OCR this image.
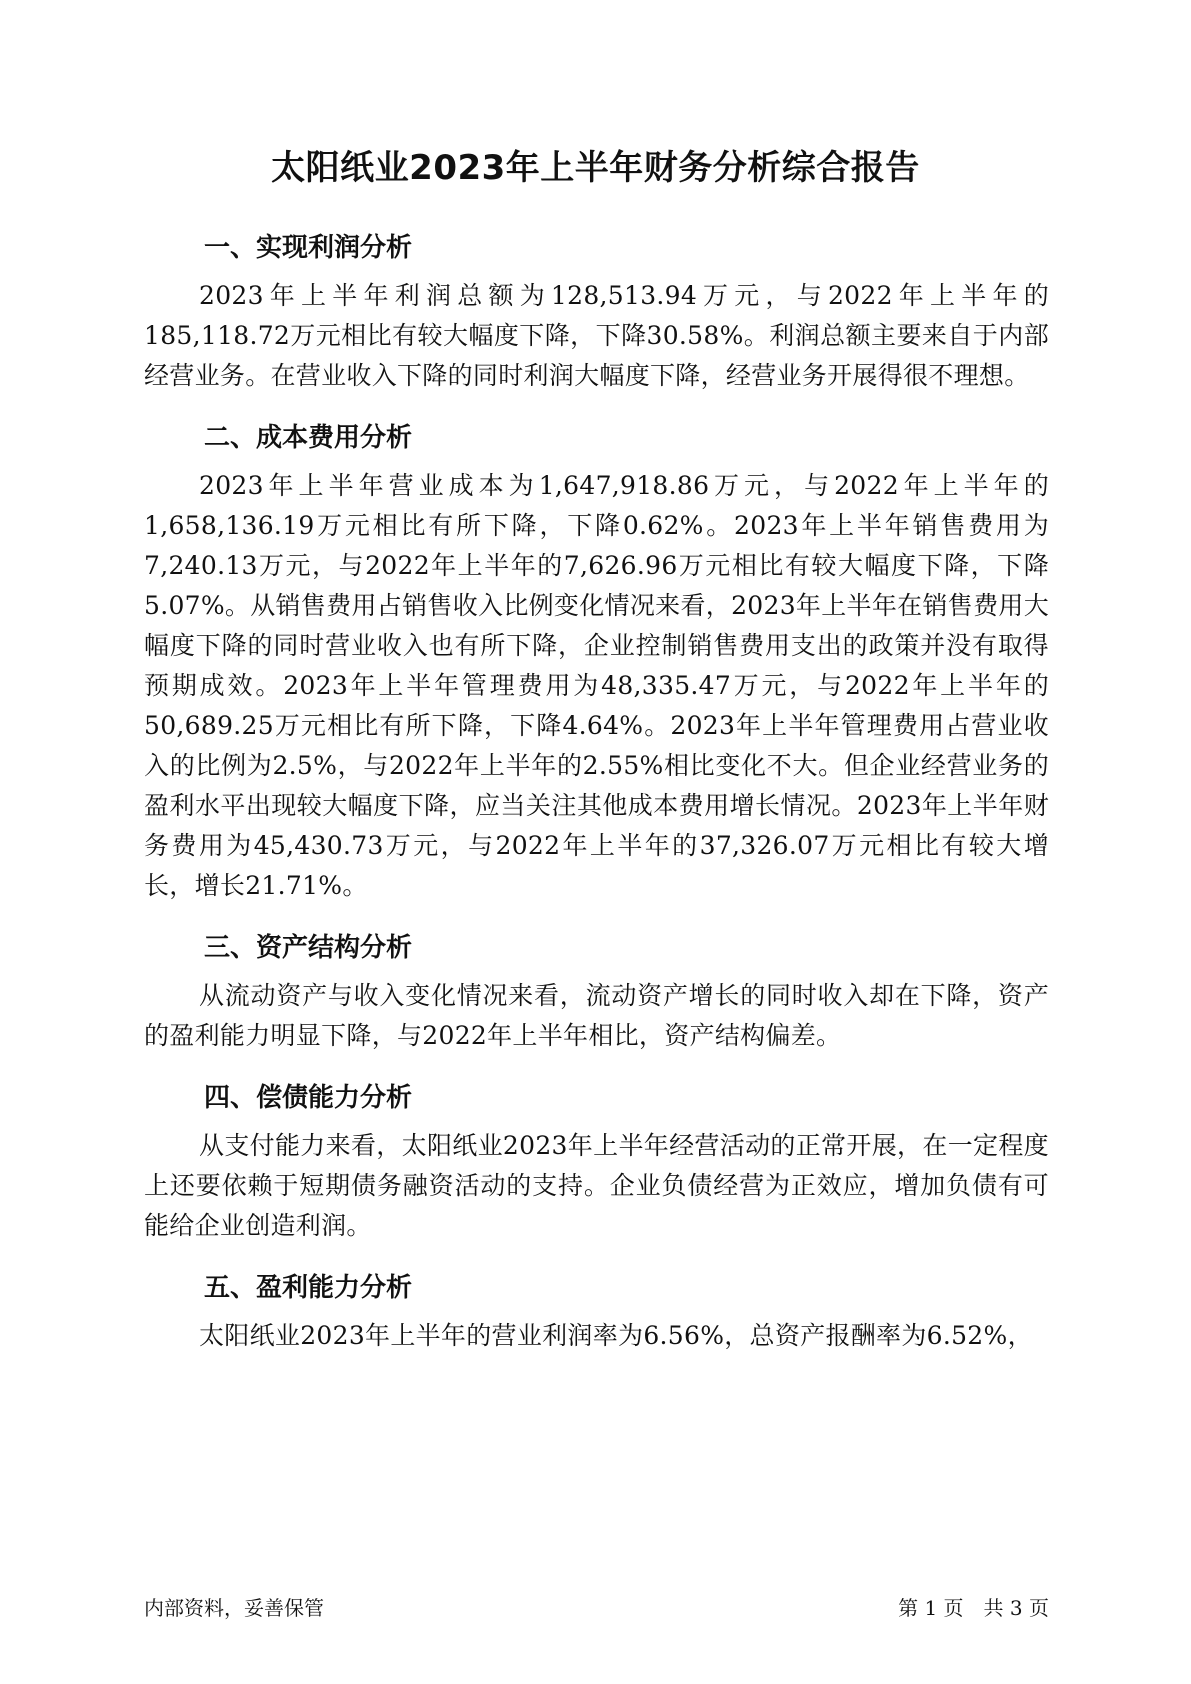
太阳纸业2023年上半年财务分析综合报告
一、实现利润分析

2023年上半年利润总额为128,513.94万元，与2022年上半年的185,118.72万元相比有较大幅度下降，下降30.58%。利润总额主要来自于内部经营业务。在营业收入下降的同时利润大幅度下降，经营业务开展得很不理想。

二、成本费用分析

2023年上半年营业成本为1,647,918.86万元，与2022年上半年的1,658,136.19万元相比有所下降，下降0.62%。2023年上半年销售费用为7,240.13万元，与2022年上半年的7,626.96万元相比有较大幅度下降，下降5.07%。从销售费用占销售收入比例变化情况来看，2023年上半年在销售费用大幅度下降的同时营业收入也有所下降，企业控制销售费用支出的政策并没有取得预期成效。2023年上半年管理费用为48,335.47万元，与2022年上半年的50,689.25万元相比有所下降，下降4.64%。2023年上半年管理费用占营业收入的比例为2.5%，与2022年上半年的2.55%相比变化不大。但企业经营业务的盈利水平出现较大幅度下降，应当关注其他成本费用增长情况。2023年上半年财务费用为45,430.73万元，与2022年上半年的37,326.07万元相比有较大增长，增长21.71%。

三、资产结构分析

从流动资产与收入变化情况来看，流动资产增长的同时收入却在下降，资产的盈利能力明显下降，与2022年上半年相比，资产结构偏差。

四、偿债能力分析

从支付能力来看，太阳纸业2023年上半年经营活动的正常开展，在一定程度上还要依赖于短期债务融资活动的支持。企业负债经营为正效应，增加负债有可能给企业创造利润。

五、盈利能力分析

太阳纸业2023年上半年的营业利润率为6.56%，总资产报酬率为6.52%，

内部资料，妥善保管	第 1 页　共 3 页
